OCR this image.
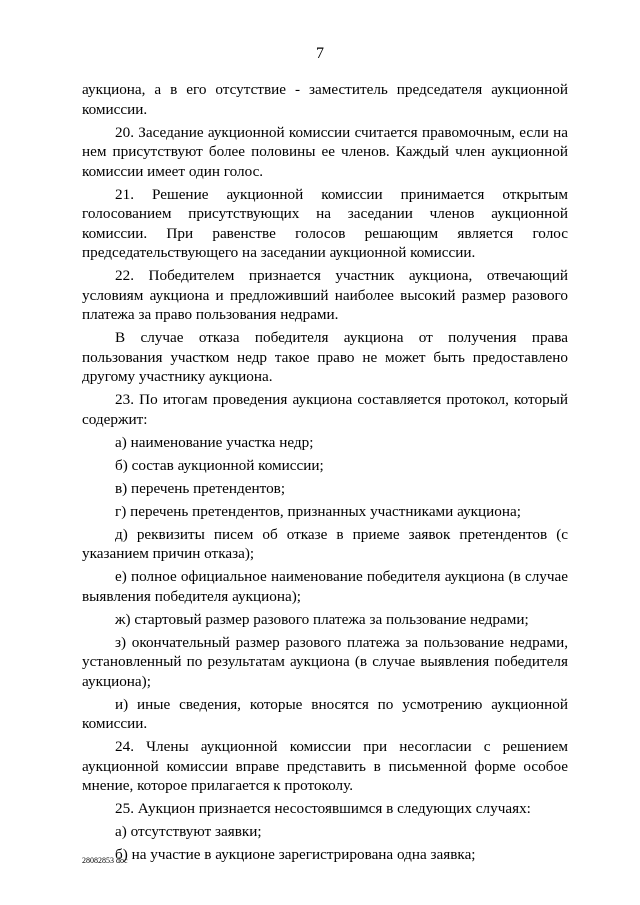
7

аукциона, а в его отсутствие - заместитель председателя аукционной комиссии.

20. Заседание аукционной комиссии считается правомочным, если на нем присутствуют более половины ее членов. Каждый член аукционной комиссии имеет один голос.

21. Решение аукционной комиссии принимается открытым голосованием присутствующих на заседании членов аукционной комиссии. При равенстве голосов решающим является голос председательствующего на заседании аукционной комиссии.

22. Победителем признается участник аукциона, отвечающий условиям аукциона и предложивший наиболее высокий размер разового платежа за право пользования недрами.

В случае отказа победителя аукциона от получения права пользования участком недр такое право не может быть предоставлено другому участнику аукциона.

23. По итогам проведения аукциона составляется протокол, который содержит:

а) наименование участка недр;

б) состав аукционной комиссии;

в) перечень претендентов;

г) перечень претендентов, признанных участниками аукциона;

д) реквизиты писем об отказе в приеме заявок претендентов (с указанием причин отказа);

е) полное официальное наименование победителя аукциона (в случае выявления победителя аукциона);

ж) стартовый размер разового платежа за пользование недрами;

з) окончательный размер разового платежа за пользование недрами, установленный по результатам аукциона (в случае выявления победителя аукциона);

и) иные сведения, которые вносятся по усмотрению аукционной комиссии.

24. Члены аукционной комиссии при несогласии с решением аукционной комиссии вправе представить в письменной форме особое мнение, которое прилагается к протоколу.

25. Аукцион признается несостоявшимся в следующих случаях:

а) отсутствуют заявки;

б) на участие в аукционе зарегистрирована одна заявка;

28082853 doc
